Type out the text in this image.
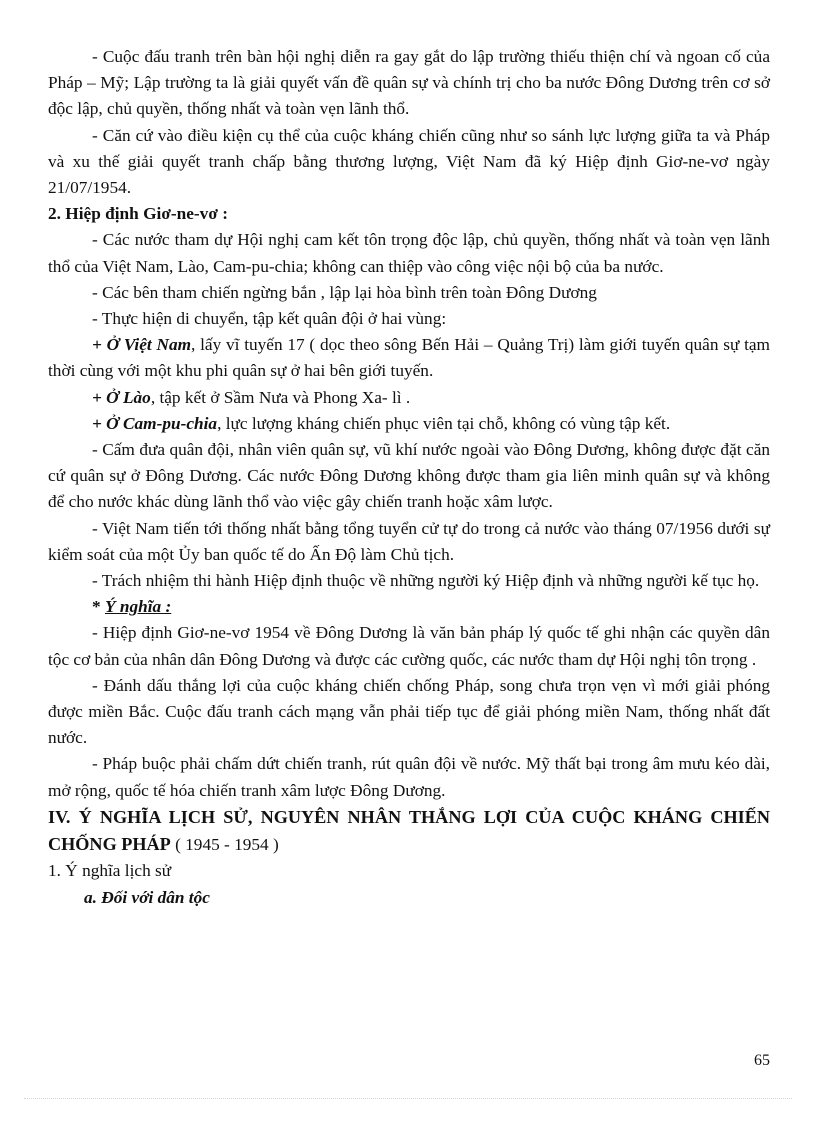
- Cuộc đấu tranh trên bàn hội nghị diễn ra gay gắt do lập trường thiếu thiện chí và ngoan cố của Pháp – Mỹ; Lập trường ta là giải quyết vấn đề quân sự và chính trị cho ba nước Đông Dương trên cơ sở độc lập, chủ quyền, thống nhất và toàn vẹn lãnh thổ.

- Căn cứ vào điều kiện cụ thể của cuộc kháng chiến cũng như so sánh lực lượng giữa ta và Pháp và xu thế giải quyết tranh chấp bằng thương lượng, Việt Nam đã ký Hiệp định Giơ-ne-vơ ngày 21/07/1954.

2. Hiệp định Giơ-ne-vơ :

- Các nước tham dự Hội nghị cam kết tôn trọng độc lập, chủ quyền, thống nhất và toàn vẹn lãnh thổ của Việt Nam, Lào, Cam-pu-chia; không can thiệp vào công việc nội bộ của ba nước.

- Các bên tham chiến ngừng bắn , lập lại hòa bình trên toàn Đông Dương

- Thực hiện di chuyển, tập kết quân đội ở hai vùng:

+ Ở Việt Nam, lấy vĩ tuyến 17 ( dọc theo sông Bến Hải – Quảng Trị) làm giới tuyến quân sự tạm thời cùng với một khu phi quân sự ở hai bên giới tuyến.

+ Ở Lào, tập kết ở Sầm Nưa và Phong Xa- lì .

+ Ở Cam-pu-chia, lực lượng kháng chiến phục viên tại chỗ, không có vùng tập kết.

- Cấm đưa quân đội, nhân viên quân sự, vũ khí nước ngoài vào Đông Dương, không được đặt căn cứ quân sự ở Đông Dương. Các nước Đông Dương không được tham gia liên minh quân sự và không để cho nước khác dùng lãnh thổ vào việc gây chiến tranh hoặc xâm lược.

- Việt Nam tiến tới thống nhất bằng tổng tuyển cử tự do trong cả nước vào tháng 07/1956 dưới sự kiểm soát của một Ủy ban quốc tế do Ấn Độ làm Chủ tịch.

- Trách nhiệm thi hành Hiệp định thuộc về những người ký Hiệp định và những người kế tục họ.

* Ý nghĩa :

- Hiệp định Giơ-ne-vơ 1954 về Đông Dương là văn bản pháp lý quốc tế ghi nhận các quyền dân tộc cơ bản của nhân dân Đông Dương và được các cường quốc, các nước tham dự Hội nghị tôn trọng .

- Đánh dấu thắng lợi của cuộc kháng chiến chống Pháp, song chưa trọn vẹn vì mới giải phóng được miền Bắc. Cuộc đấu tranh cách mạng vẫn phải tiếp tục để giải phóng miền Nam, thống nhất đất nước.

- Pháp buộc phải chấm dứt chiến tranh, rút quân đội về nước. Mỹ thất bại trong âm mưu kéo dài, mở rộng, quốc tế hóa chiến tranh xâm lược Đông Dương.

IV. Ý NGHĨA LỊCH SỬ, NGUYÊN NHÂN THẮNG LỢI CỦA CUỘC KHÁNG CHIẾN CHỐNG PHÁP ( 1945 - 1954 )

1. Ý nghĩa lịch sử

a. Đối với dân tộc

65
